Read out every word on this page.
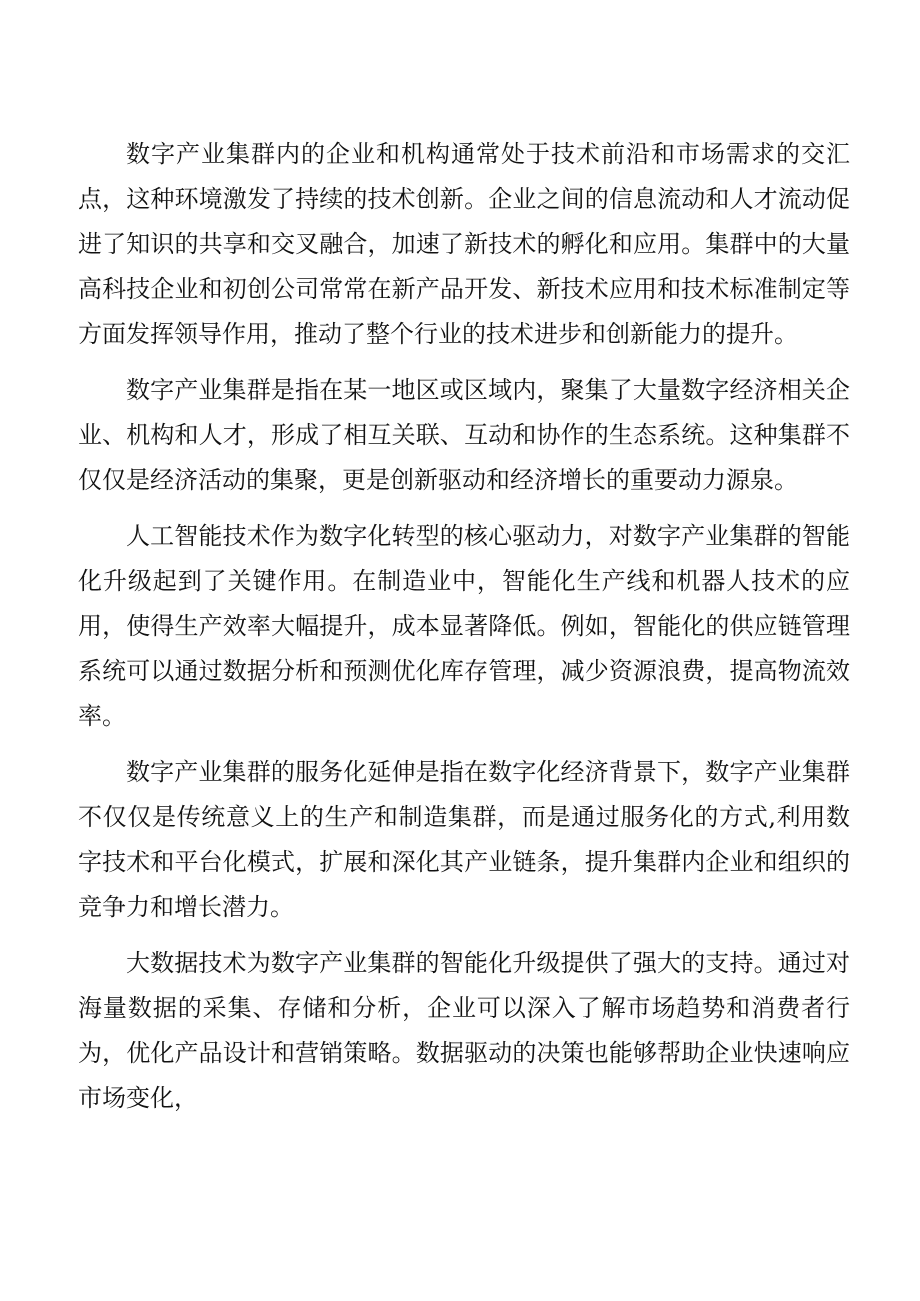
数字产业集群内的企业和机构通常处于技术前沿和市场需求的交汇点，这种环境激发了持续的技术创新。企业之间的信息流动和人才流动促进了知识的共享和交叉融合，加速了新技术的孵化和应用。集群中的大量高科技企业和初创公司常常在新产品开发、新技术应用和技术标准制定等方面发挥领导作用，推动了整个行业的技术进步和创新能力的提升。

数字产业集群是指在某一地区或区域内，聚集了大量数字经济相关企业、机构和人才，形成了相互关联、互动和协作的生态系统。这种集群不仅仅是经济活动的集聚，更是创新驱动和经济增长的重要动力源泉。

人工智能技术作为数字化转型的核心驱动力，对数字产业集群的智能化升级起到了关键作用。在制造业中，智能化生产线和机器人技术的应用，使得生产效率大幅提升，成本显著降低。例如，智能化的供应链管理系统可以通过数据分析和预测优化库存管理，减少资源浪费，提高物流效率。

数字产业集群的服务化延伸是指在数字化经济背景下，数字产业集群不仅仅是传统意义上的生产和制造集群，而是通过服务化的方式,利用数字技术和平台化模式，扩展和深化其产业链条，提升集群内企业和组织的竞争力和增长潜力。

大数据技术为数字产业集群的智能化升级提供了强大的支持。通过对海量数据的采集、存储和分析，企业可以深入了解市场趋势和消费者行为，优化产品设计和营销策略。数据驱动的决策也能够帮助企业快速响应市场变化，
